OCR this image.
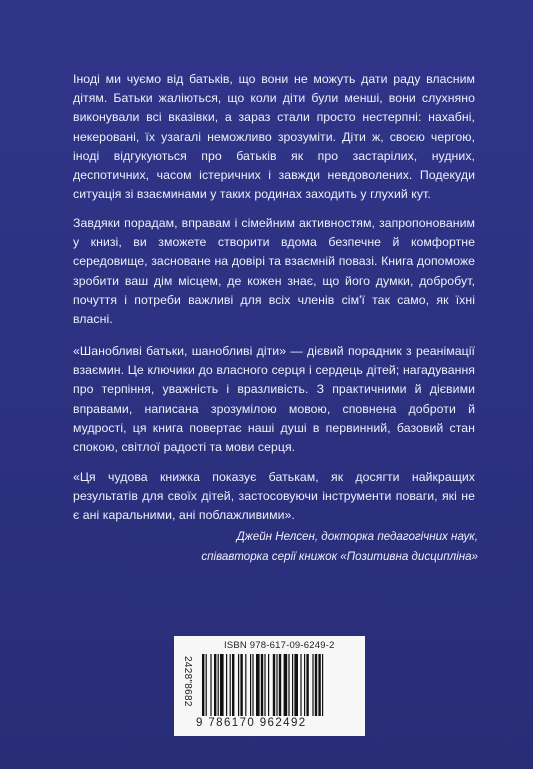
Іноді ми чуємо від батьків, що вони не можуть дати раду власним дітям. Батьки жаліються, що коли діти були менші, вони слухняно виконували всі вказівки, а зараз стали просто нестерпні: нахабні, некеровані, їх узагалі неможливо зрозуміти. Діти ж, своєю чергою, іноді відгукуються про батьків як про застарілих, нудних, деспотичних, часом істеричних і завжди невдоволених. Подекуди ситуація зі взаєминами у таких родинах заходить у глухий кут.

Завдяки порадам, вправам і сімейним активностям, запропонованим у книзі, ви зможете створити вдома безпечне й комфортне середовище, засноване на довірі та взаємній повазі. Книга допоможе зробити ваш дім місцем, де кожен знає, що його думки, добробут, почуття і потреби важливі для всіх членів сім'ї так само, як їхні власні.

«Шанобливі батьки, шанобливі діти» — дієвий порадник з реанімації взаємин. Це ключики до власного серця і сердець дітей; нагадування про терпіння, уважність і вразливість. З практичними й дієвими вправами, написана зрозумілою мовою, сповнена доброти й мудрості, ця книга повертає наші душі в первинний, базовий стан спокою, світлої радості та мови серця.

«Ця чудова книжка показує батькам, як досягти найкращих результатів для своїх дітей, застосовуючи інструменти поваги, які не є ані каральними, ані поблажливими».

Джейн Нелсен, докторка педагогічних наук,
співавторка серії книжок «Позитивна дисципліна»
ISBN 978-617-09-6249-2
2428"8682
9 786170 962492
